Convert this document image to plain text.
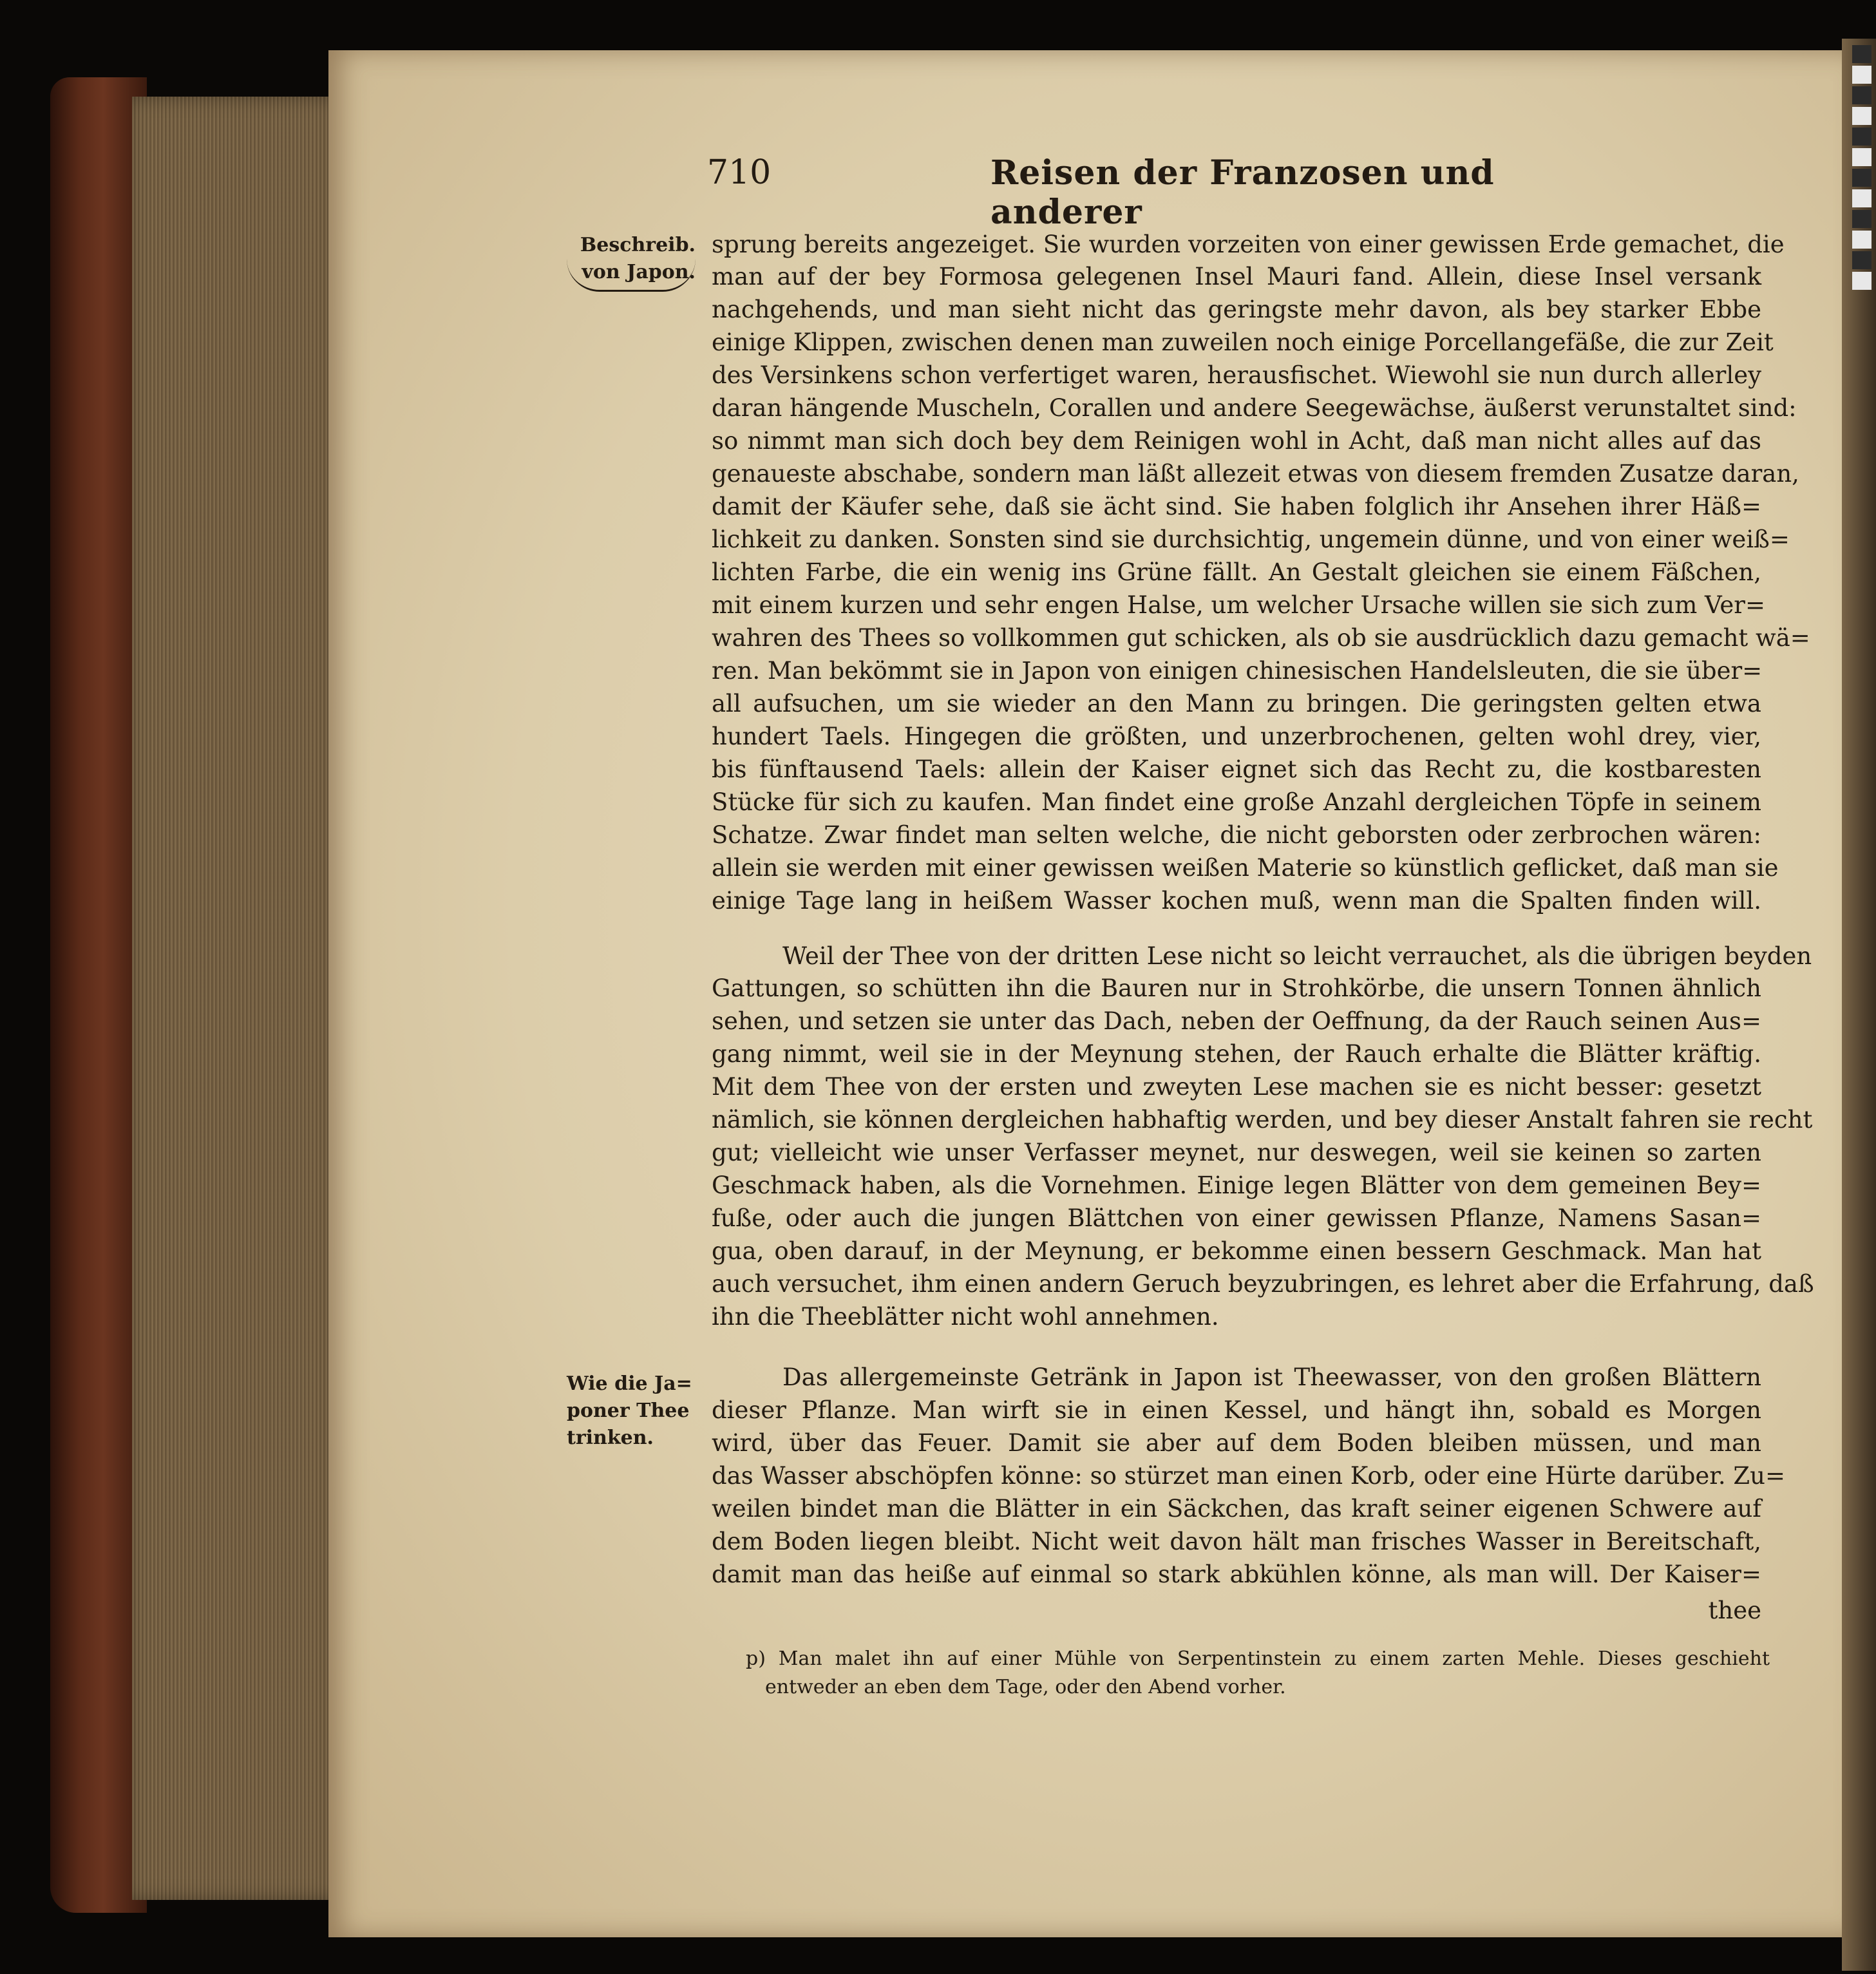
710	Reisen der Franzosen und anderer
Beschreib.
von Japon.
Wie die Ja=
poner Thee
trinken.
sprung bereits angezeiget. Sie wurden vorzeiten von einer gewissen Erde gemachet, die
man auf der bey Formosa gelegenen Insel Mauri fand. Allein, diese Insel versank
nachgehends, und man sieht nicht das geringste mehr davon, als bey starker Ebbe
einige Klippen, zwischen denen man zuweilen noch einige Porcellangefäße, die zur Zeit
des Versinkens schon verfertiget waren, herausfischet. Wiewohl sie nun durch allerley
daran hängende Muscheln, Corallen und andere Seegewächse, äußerst verunstaltet sind:
so nimmt man sich doch bey dem Reinigen wohl in Acht, daß man nicht alles auf das
genaueste abschabe, sondern man läßt allezeit etwas von diesem fremden Zusatze daran,
damit der Käufer sehe, daß sie ächt sind. Sie haben folglich ihr Ansehen ihrer Häß=
lichkeit zu danken. Sonsten sind sie durchsichtig, ungemein dünne, und von einer weiß=
lichten Farbe, die ein wenig ins Grüne fällt. An Gestalt gleichen sie einem Fäßchen,
mit einem kurzen und sehr engen Halse, um welcher Ursache willen sie sich zum Ver=
wahren des Thees so vollkommen gut schicken, als ob sie ausdrücklich dazu gemacht wä=
ren. Man bekömmt sie in Japon von einigen chinesischen Handelsleuten, die sie über=
all aufsuchen, um sie wieder an den Mann zu bringen. Die geringsten gelten etwa
hundert Taels. Hingegen die größten, und unzerbrochenen, gelten wohl drey, vier,
bis fünftausend Taels: allein der Kaiser eignet sich das Recht zu, die kostbaresten
Stücke für sich zu kaufen. Man findet eine große Anzahl dergleichen Töpfe in seinem
Schatze. Zwar findet man selten welche, die nicht geborsten oder zerbrochen wären:
allein sie werden mit einer gewissen weißen Materie so künstlich geflicket, daß man sie
einige Tage lang in heißem Wasser kochen muß, wenn man die Spalten finden will.
Weil der Thee von der dritten Lese nicht so leicht verrauchet, als die übrigen beyden
Gattungen, so schütten ihn die Bauren nur in Strohkörbe, die unsern Tonnen ähnlich
sehen, und setzen sie unter das Dach, neben der Oeffnung, da der Rauch seinen Aus=
gang nimmt, weil sie in der Meynung stehen, der Rauch erhalte die Blätter kräftig.
Mit dem Thee von der ersten und zweyten Lese machen sie es nicht besser: gesetzt
nämlich, sie können dergleichen habhaftig werden, und bey dieser Anstalt fahren sie recht
gut; vielleicht wie unser Verfasser meynet, nur deswegen, weil sie keinen so zarten
Geschmack haben, als die Vornehmen. Einige legen Blätter von dem gemeinen Bey=
fuße, oder auch die jungen Blättchen von einer gewissen Pflanze, Namens Sasan=
gua, oben darauf, in der Meynung, er bekomme einen bessern Geschmack. Man hat
auch versuchet, ihm einen andern Geruch beyzubringen, es lehret aber die Erfahrung, daß
ihn die Theeblätter nicht wohl annehmen.
Das allergemeinste Getränk in Japon ist Theewasser, von den großen Blättern
dieser Pflanze. Man wirft sie in einen Kessel, und hängt ihn, sobald es Morgen
wird, über das Feuer. Damit sie aber auf dem Boden bleiben müssen, und man
das Wasser abschöpfen könne: so stürzet man einen Korb, oder eine Hürte darüber. Zu=
weilen bindet man die Blätter in ein Säckchen, das kraft seiner eigenen Schwere auf
dem Boden liegen bleibt. Nicht weit davon hält man frisches Wasser in Bereitschaft,
damit man das heiße auf einmal so stark abkühlen könne, als man will. Der Kaiser=
thee
p) Man malet ihn auf einer Mühle von Serpentinstein zu einem zarten Mehle. Dieses geschieht
entweder an eben dem Tage, oder den Abend vorher.
